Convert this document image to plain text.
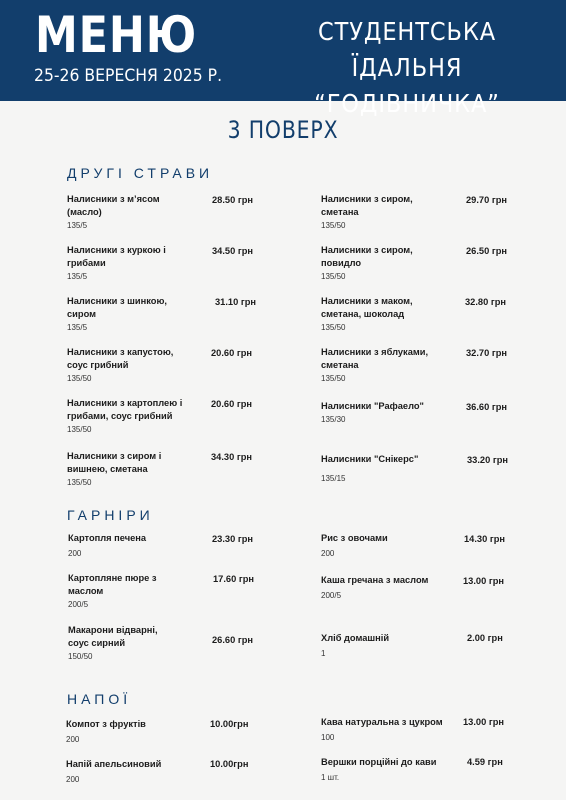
МЕНЮ
25-26 ВЕРЕСНЯ 2025 Р.
СТУДЕНТСЬКА ЇДАЛЬНЯ
“ГОДІВНИЧКА”
3 ПОВЕРХ
ДРУГІ СТРАВИ
Налисники з м’ясом (масло)
135/5
28.50 грн
Налисники з куркою і грибами
135/5
34.50 грн
Налисники з шинкою, сиром
135/5
31.10 грн
Налисники з капустою, соус грибний
135/50
20.60 грн
Налисники з картоплею і грибами, соус грибний
135/50
20.60 грн
Налисники з сиром і вишнею, сметана
135/50
34.30 грн
Налисники з сиром, сметана
135/50
29.70 грн
Налисники з сиром, повидло
135/50
26.50 грн
Налисники з маком, сметана, шоколад
135/50
32.80 грн
Налисники з яблуками, сметана
135/50
32.70 грн
Налисники "Рафаело"
135/30
36.60 грн
Налисники "Снікерс"
135/15
33.20 грн
ГАРНІРИ
Картопля печена
200
23.30 грн
Картопляне пюре з маслом
200/5
17.60 грн
Макарони відварні, соус сирний
150/50
26.60 грн
Рис з овочами
200
14.30 грн
Каша гречана з маслом
200/5
13.00 грн
Хліб домашній
1
2.00 грн
НАПОЇ
Компот з фруктів
200
10.00грн
Напій апельсиновий
200
10.00грн
Кава натуральна з цукром
100
13.00 грн
Вершки порційні до кави
1 шт.
4.59 грн
